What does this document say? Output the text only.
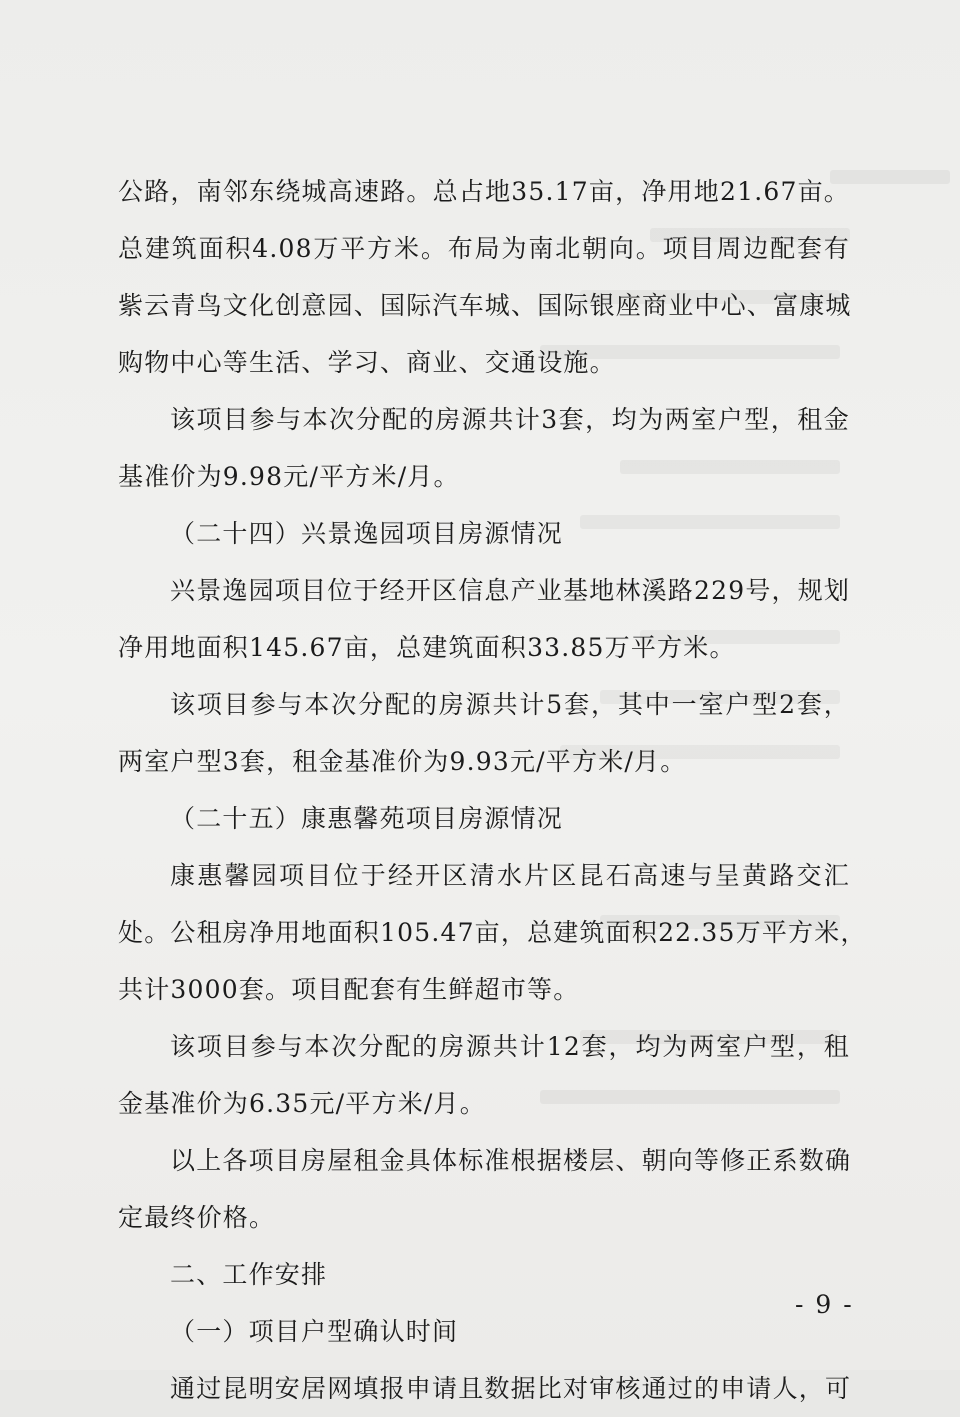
公路，南邻东绕城高速路。总占地35.17亩，净用地21.67亩。
总建筑面积4.08万平方米。布局为南北朝向。项目周边配套有
紫云青鸟文化创意园、国际汽车城、国际银座商业中心、富康城
购物中心等生活、学习、商业、交通设施。
该项目参与本次分配的房源共计3套，均为两室户型，租金
基准价为9.98元/平方米/月。
（二十四）兴景逸园项目房源情况
兴景逸园项目位于经开区信息产业基地林溪路229号，规划
净用地面积145.67亩，总建筑面积33.85万平方米。
该项目参与本次分配的房源共计5套，其中一室户型2套，
两室户型3套，租金基准价为9.93元/平方米/月。
（二十五）康惠馨苑项目房源情况
康惠馨园项目位于经开区清水片区昆石高速与呈黄路交汇
处。公租房净用地面积105.47亩，总建筑面积22.35万平方米，
共计3000套。项目配套有生鲜超市等。
该项目参与本次分配的房源共计12套，均为两室户型，租
金基准价为6.35元/平方米/月。
以上各项目房屋租金具体标准根据楼层、朝向等修正系数确
定最终价格。
二、工作安排
（一）项目户型确认时间
通过昆明安居网填报申请且数据比对审核通过的申请人，可
- 9 -
